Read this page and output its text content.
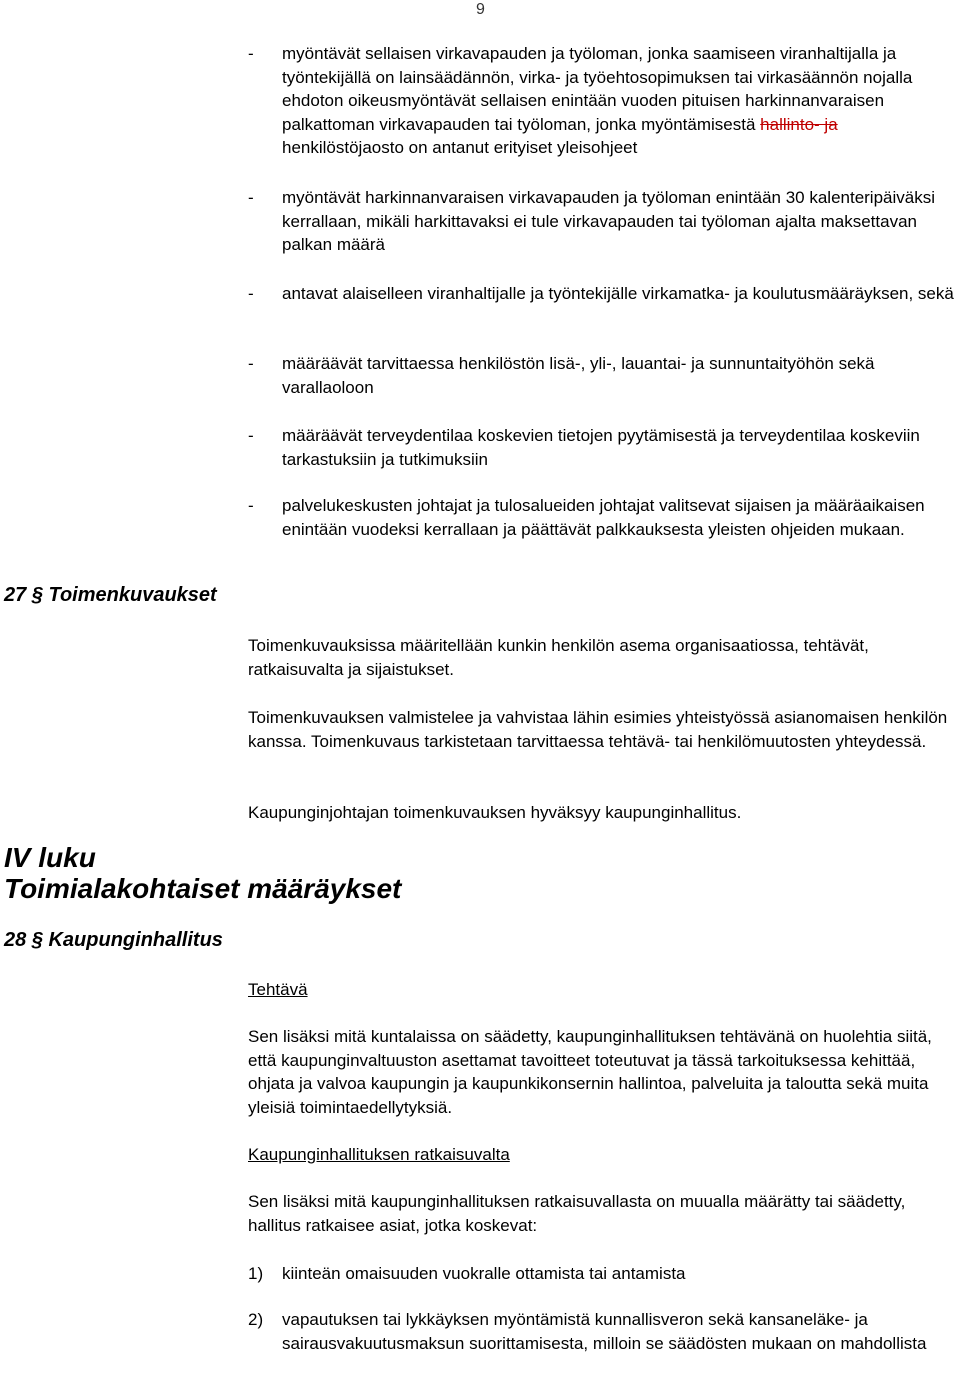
9
- myöntävät sellaisen virkavapauden ja työloman, jonka saamiseen viranhaltijalla ja työntekijällä on lainsäädännön, virka- ja työehtosopimuksen tai virkasäännön nojalla ehdoton oikeusmyöntävät sellaisen enintään vuoden pituisen harkinnanvaraisen palkattoman virkavapauden tai työloman, jonka myöntämisestä hallinto- ja henkilöstöjaosto on antanut erityiset yleisohjeet
- myöntävät harkinnanvaraisen virkavapauden ja työloman enintään 30 kalenteripäiväksi kerrallaan, mikäli harkittavaksi ei tule virkavapauden tai työloman ajalta maksettavan palkan määrä
- antavat alaiselleen viranhaltijalle ja työntekijälle virkamatka- ja koulutusmääräyksen, sekä
- määräävät tarvittaessa henkilöstön lisä-, yli-, lauantai- ja sunnuntaityöhön sekä varallaoloon
- määräävät terveydentilaa koskevien tietojen pyytämisestä ja terveydentilaa koskeviin tarkastuksiin ja tutkimuksiin
- palvelukeskusten johtajat ja tulosalueiden johtajat valitsevat sijaisen ja määräaikaisen enintään vuodeksi kerrallaan ja päättävät palkkauksesta yleisten ohjeiden mukaan.
27 § Toimenkuvaukset
Toimenkuvauksissa määritellään kunkin henkilön asema organisaatiossa, tehtävät, ratkaisuvalta ja sijaistukset.
Toimenkuvauksen valmistelee ja vahvistaa lähin esimies yhteistyössä asianomaisen henkilön kanssa. Toimenkuvaus tarkistetaan tarvittaessa tehtävä- tai henkilömuutosten yhteydessä.
Kaupunginjohtajan toimenkuvauksen hyväksyy kaupunginhallitus.
IV luku
Toimialakohtaiset määräykset
28 § Kaupunginhallitus
Tehtävä
Sen lisäksi mitä kuntalaissa on säädetty, kaupunginhallituksen tehtävänä on huolehtia siitä, että kaupunginvaltuuston asettamat tavoitteet toteutuvat ja tässä tarkoituksessa kehittää, ohjata ja valvoa kaupungin ja kaupunkikonsernin hallintoa, palveluita ja taloutta sekä muita yleisiä toimintaedellytyksiä.
Kaupunginhallituksen ratkaisuvalta
Sen lisäksi mitä kaupunginhallituksen ratkaisuvallasta on muualla määrätty tai säädetty, hallitus ratkaisee asiat, jotka koskevat:
1) kiinteän omaisuuden vuokralle ottamista tai antamista
2) vapautuksen tai lykkäyksen myöntämistä kunnallisveron sekä kansaneläke- ja sairausvakuutusmaksun suorittamisesta, milloin se säädösten mukaan on mahdollista
